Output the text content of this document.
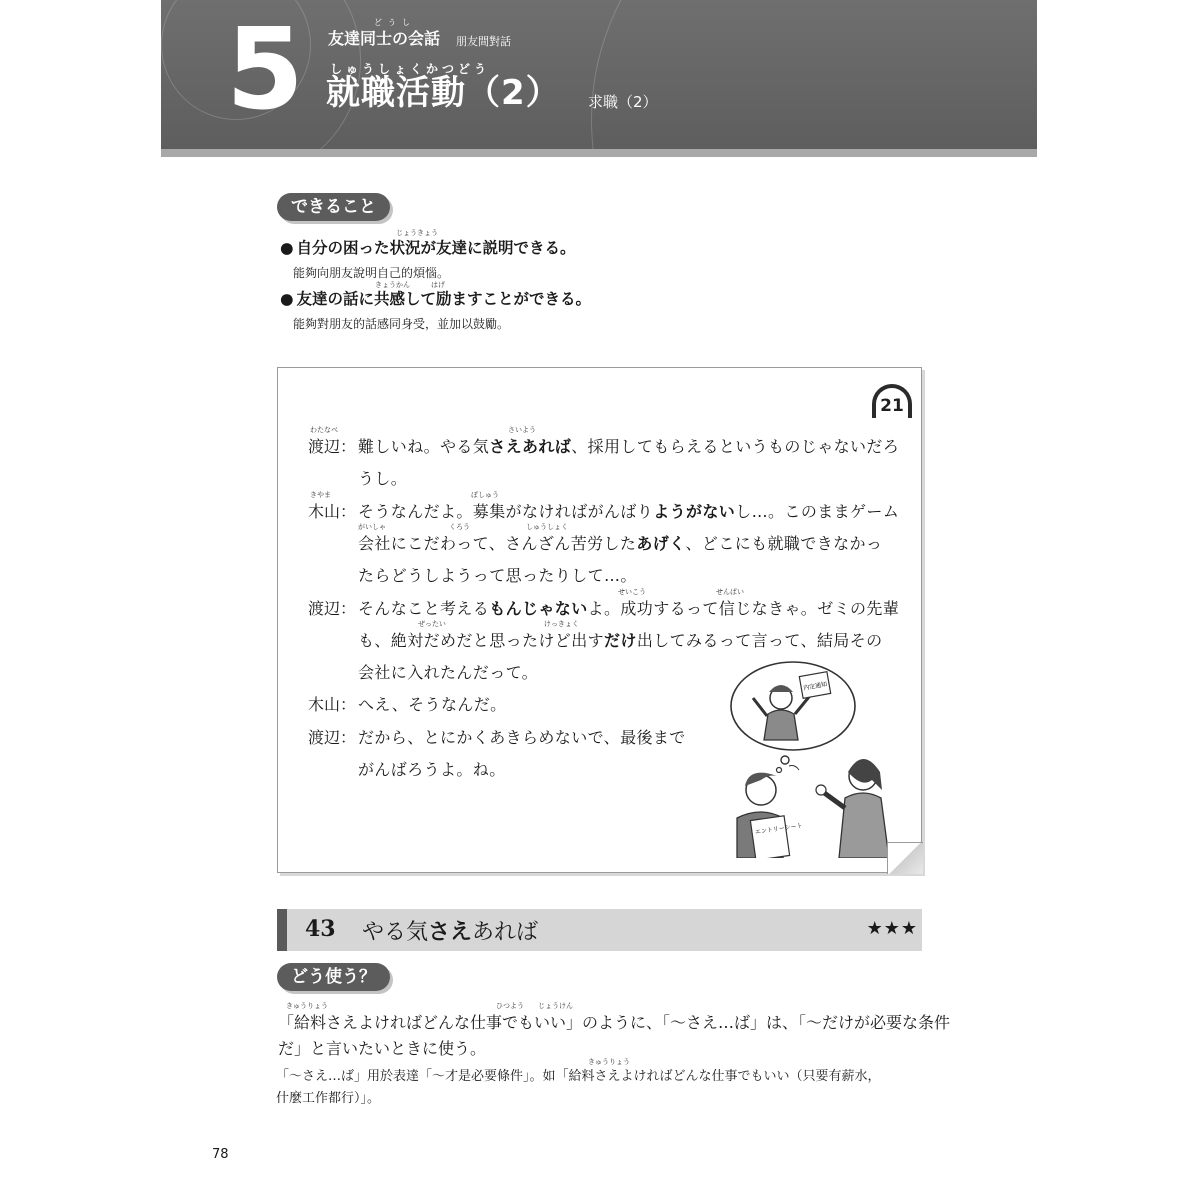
5	どうし
友達同士の会話 朋友間對話
しゅうしょくかつどう
就職活動（2） 求職（2）
できること
じょうきょう
● 自分の困った状況が友達に説明できる。
能夠向朋友說明自己的煩惱。
きょうかん　　　はげ
● 友達の話に共感して励ますことができる。
能夠對朋友的話感同身受，並加以鼓勵。
21
渡辺：
わたなべ
難しいね。やる気さえあれば、採用してもらえるというものじゃないだろ
さいよう
うし。
木山：
きやま
そうなんだよ。募集がなければがんばりようがないし…。このままゲーム
ぼしゅう
会社にこだわって、さんざん苦労したあげく、どこにも就職できなかっ
がいしゃ　　　　　　　　　くろう　　　　　　　　しゅうしょく
たらどうしようって思ったりして…。
渡辺： そんなこと考えるもんじゃないよ。成功するって信じなきゃ。ゼミの先輩
せいこう　　　　　　　　　　せんぱい
も、絶対だめだと思ったけど出すだけ出してみるって言って、結局その
ぜったい　　　　　　　　　　　　　　けっきょく
会社に入れたんだって。
木山： へえ、そうなんだ。
渡辺： だから、とにかくあきらめないで、最後まで
がんばろうよ。ね。
内定通知
エントリーシート
43 やる気さえあれば	★★★
どう使う？
きゅうりょう　　　　　　　　　　　　　　　　　　　　　　　　ひつよう　　じょうけん
「給料さえよければどんな仕事でもいい」のように、「～さえ…ば」は、「～だけが必要な条件
だ」と言いたいときに使う。
きゅうりょう
「～さえ…ば」用於表達「～才是必要條件」。如「給料さえよければどんな仕事でもいい（只要有薪水，
什麼工作都行）」。
78
